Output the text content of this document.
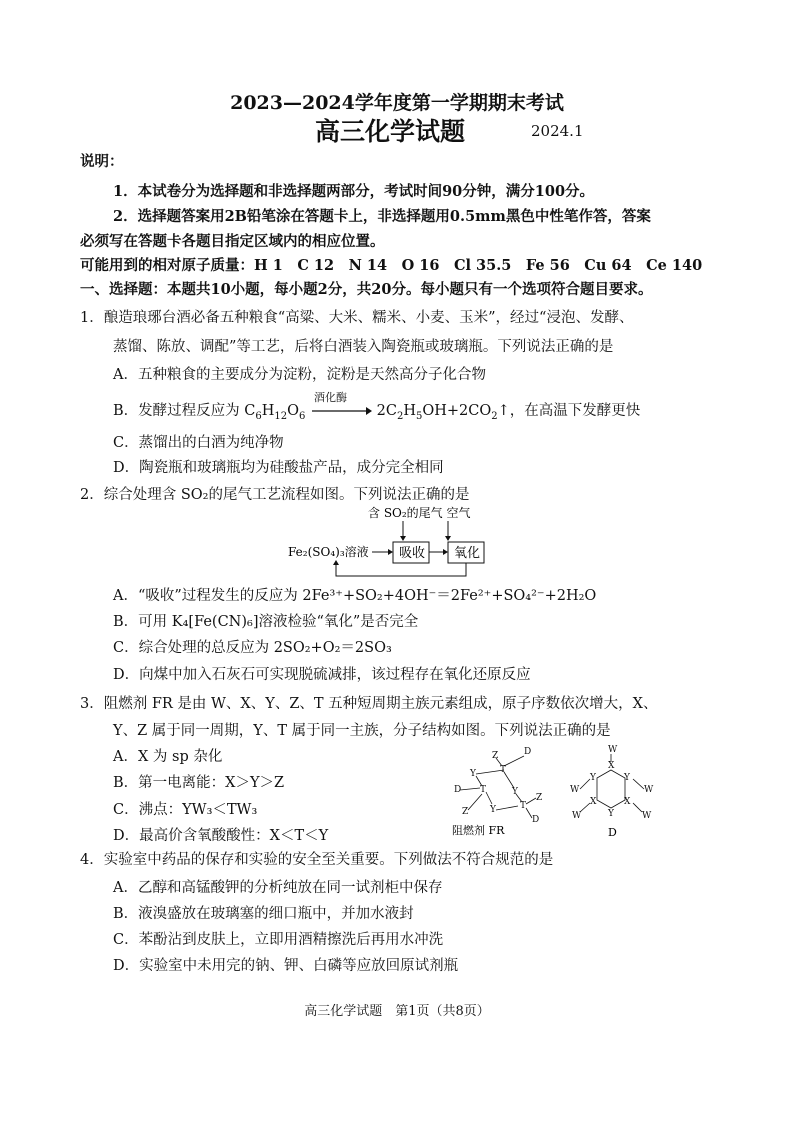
2023—2024学年度第一学期期末考试
高三化学试题	2024.1
说明：
1．本试卷分为选择题和非选择题两部分，考试时间90分钟，满分100分。
2．选择题答案用2B铅笔涂在答题卡上，非选择题用0.5mm黑色中性笔作答，答案
必须写在答题卡各题目指定区域内的相应位置。
可能用到的相对原子质量：H 1　C 12　N 14　O 16　Cl 35.5　Fe 56　Cu 64　Ce 140
一、选择题：本题共10小题，每小题2分，共20分。每小题只有一个选项符合题目要求。
1．酿造琅琊台酒必备五种粮食“高粱、大米、糯米、小麦、玉米”，经过“浸泡、发酵、
蒸馏、陈放、调配”等工艺，后将白酒装入陶瓷瓶或玻璃瓶。下列说法正确的是
A．五种粮食的主要成分为淀粉，淀粉是天然高分子化合物
B．发酵过程反应为 $C_6H_{12}O_6$
酒化酶
$2C_2H_5OH+2CO_2↑$，在高温下发酵更快
C．蒸馏出的白酒为纯净物
D．陶瓷瓶和玻璃瓶均为硅酸盐产品，成分完全相同
2．综合处理含 SO₂的尾气工艺流程如图。下列说法正确的是
含 SO₂的尾气 空气
Fe₂(SO₄)₃溶液 吸收 氧化
A．“吸收”过程发生的反应为 2Fe³⁺+SO₂+4OH⁻＝2Fe²⁺+SO₄²⁻+2H₂O
B．可用 K₄[Fe(CN)₆]溶液检验“氧化”是否完全
C．综合处理的总反应为 2SO₂+O₂＝2SO₃
D．向煤中加入石灰石可实现脱硫减排，该过程存在氧化还原反应
3．阻燃剂 FR 是由 W、X、Y、Z、T 五种短周期主族元素组成，原子序数依次增大，X、
Y、Z 属于同一周期，Y、T 属于同一主族，分子结构如图。下列说法正确的是
A．X 为 sp 杂化
B．第一电离能：X＞Y＞Z
C．沸点：YW₃＜TW₃
D．最高价含氧酸酸性：X＜T＜Y
Z	D
T
Y
T	Y
Y	T
D
Z
Z
D
阻燃剂 FR
W
X
Y	Y
W	W
X	X
Y
W	W
D
4．实验室中药品的保存和实验的安全至关重要。下列做法不符合规范的是
A．乙醇和高锰酸钾的分析纯放在同一试剂柜中保存
B．液溴盛放在玻璃塞的细口瓶中，并加水液封
C．苯酚沾到皮肤上，立即用酒精擦洗后再用水冲洗
D．实验室中未用完的钠、钾、白磷等应放回原试剂瓶
高三化学试题　第1页（共8页）
